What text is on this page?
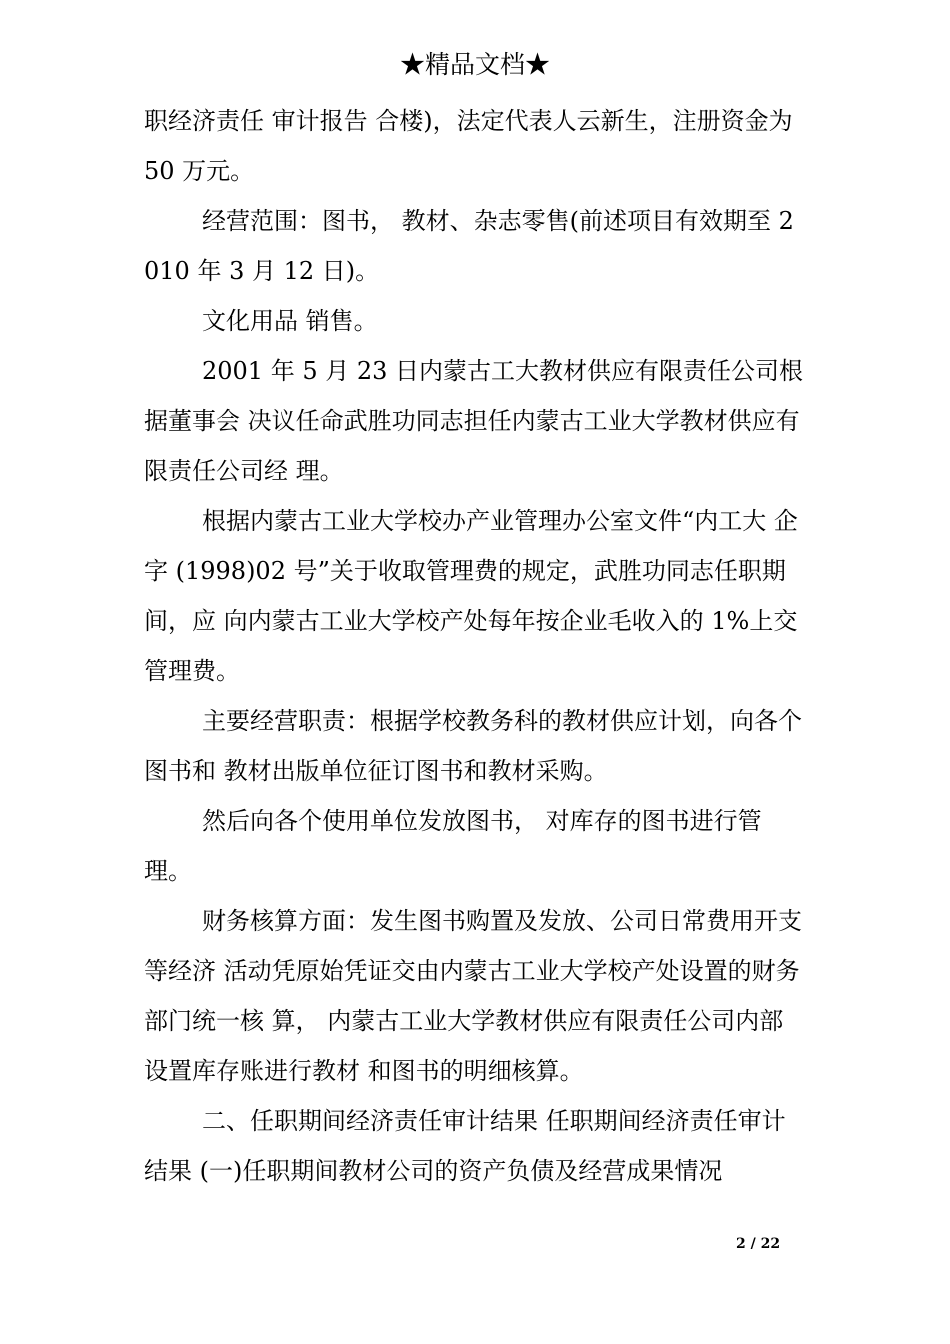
★精品文档★

职经济责任 审计报告 合楼)，法定代表人云新生，注册资金为 50 万元。

经营范围：图书， 教材、杂志零售(前述项目有效期至 2010 年 3 月 12 日)。

文化用品 销售。

2001 年 5 月 23 日内蒙古工大教材供应有限责任公司根据董事会 决议任命武胜功同志担任内蒙古工业大学教材供应有限责任公司经 理。

根据内蒙古工业大学校办产业管理办公室文件“内工大 企字 (1998)02 号”关于收取管理费的规定，武胜功同志任职期间，应 向内蒙古工业大学校产处每年按企业毛收入的 1%上交管理费。

主要经营职责：根据学校教务科的教材供应计划，向各个图书和 教材出版单位征订图书和教材采购。

然后向各个使用单位发放图书， 对库存的图书进行管理。

财务核算方面：发生图书购置及发放、公司日常费用开支等经济 活动凭原始凭证交由内蒙古工业大学校产处设置的财务部门统一核 算， 内蒙古工业大学教材供应有限责任公司内部设置库存账进行教材 和图书的明细核算。

二、任职期间经济责任审计结果 任职期间经济责任审计结果 (一)任职期间教材公司的资产负债及经营成果情况

2 / 22
